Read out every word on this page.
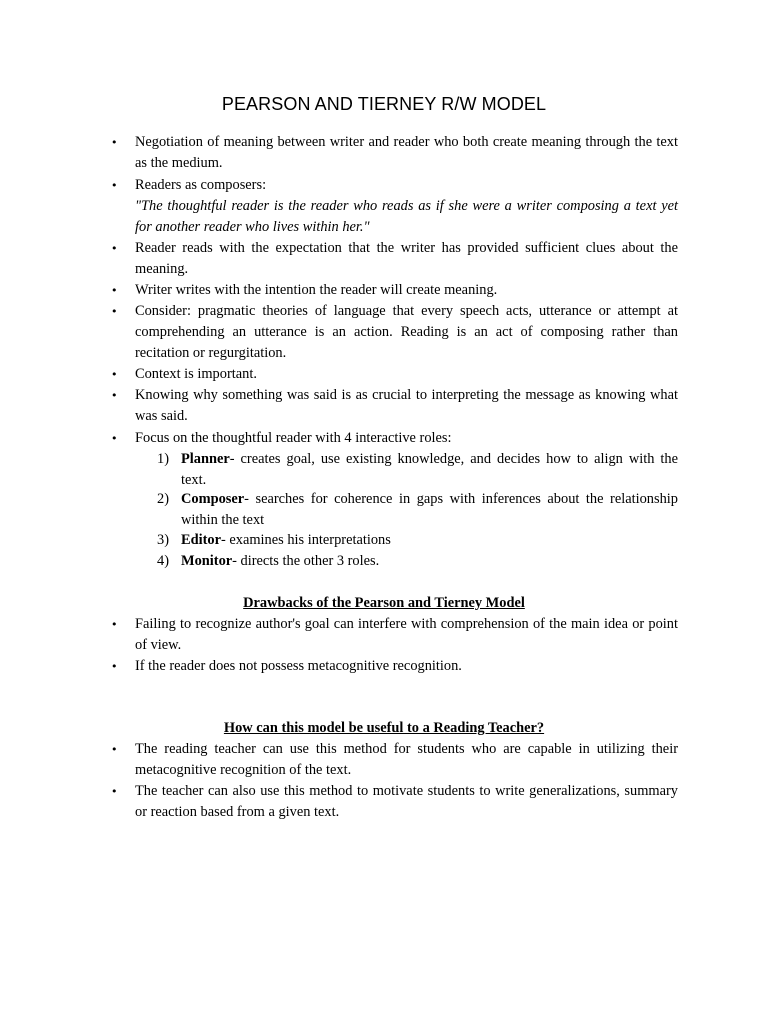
PEARSON AND TIERNEY R/W MODEL
• Negotiation of meaning between writer and reader who both create meaning through the text as the medium.
• Readers as composers:
"The thoughtful reader is the reader who reads as if she were a writer composing a text yet for another reader who lives within her."
• Reader reads with the expectation that the writer has provided sufficient clues about the meaning.
• Writer writes with the intention the reader will create meaning.
• Consider: pragmatic theories of language that every speech acts, utterance or attempt at comprehending an utterance is an action. Reading is an act of composing rather than recitation or regurgitation.
• Context is important.
• Knowing why something was said is as crucial to interpreting the message as knowing what was said.
• Focus on the thoughtful reader with 4 interactive roles:
1) Planner- creates goal, use existing knowledge, and decides how to align with the text.
2) Composer- searches for coherence in gaps with inferences about the relationship within the text
3) Editor- examines his interpretations
4) Monitor- directs the other 3 roles.
Drawbacks of the Pearson and Tierney Model
• Failing to recognize author's goal can interfere with comprehension of the main idea or point of view.
• If the reader does not possess metacognitive recognition.
How can this model be useful to a Reading Teacher?
• The reading teacher can use this method for students who are capable in utilizing their metacognitive recognition of the text.
• The teacher can also use this method to motivate students to write generalizations, summary or reaction based from a given text.
